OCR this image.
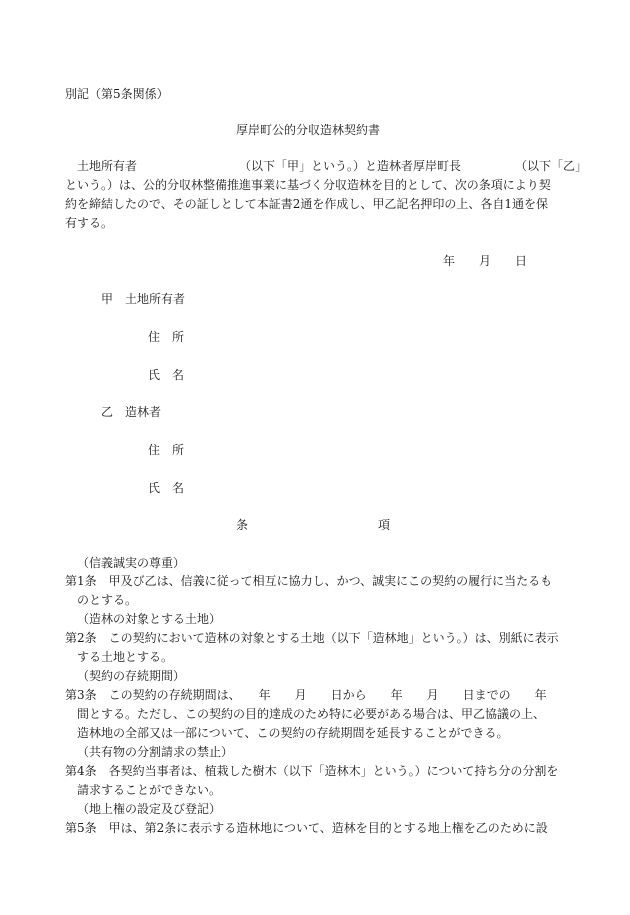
別記（第5条関係）
厚岸町公的分収造林契約書
　土地所有者　　　　　　　　　（以下「甲」という。）と造林者厚岸町長　　　　　（以下「乙」
という。）は、公的分収林整備推進事業に基づく分収造林を目的として、次の条項により契
約を締結したので、その証しとして本証書2通を作成し、甲乙記名押印の上、各自1通を保
有する。
年　　月　　日
甲　土地所有者
住　所
氏　名
乙　造林者
住　所
氏　名
条	項
（信義誠実の尊重）
第1条　甲及び乙は、信義に従って相互に協力し、かつ、誠実にこの契約の履行に当たるも
のとする。
（造林の対象とする土地）
第2条　この契約において造林の対象とする土地（以下「造林地」という。）は、別紙に表示
する土地とする。
（契約の存続期間）
第3条　この契約の存続期間は、　　年　　月　　日から　　年　　月　　日までの　　年
間とする。ただし、この契約の目的達成のため特に必要がある場合は、甲乙協議の上、
造林地の全部又は一部について、この契約の存続期間を延長することができる。
（共有物の分割請求の禁止）
第4条　各契約当事者は、植栽した樹木（以下「造林木」という。）について持ち分の分割を
請求することができない。
（地上権の設定及び登記）
第5条　甲は、第2条に表示する造林地について、造林を目的とする地上権を乙のために設
